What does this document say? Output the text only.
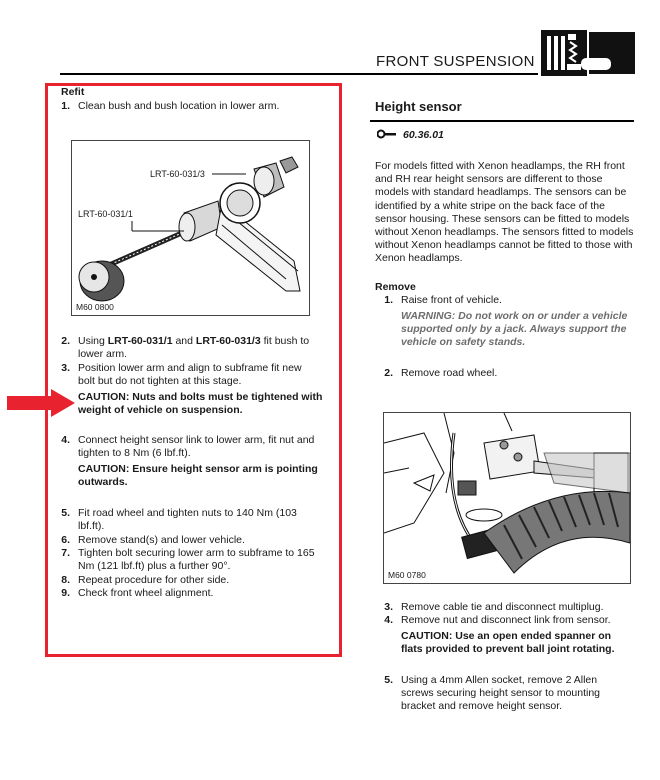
FRONT SUSPENSION
Refit
1. Clean bush and bush location in lower arm.
LRT-60-031/3
LRT-60-031/1
M60 0800
2. Using LRT-60-031/1 and LRT-60-031/3 fit bush to lower arm.
3. Position lower arm and align to subframe fit new bolt but do not tighten at this stage.
CAUTION: Nuts and bolts must be tightened with weight of vehicle on suspension.
4. Connect height sensor link to lower arm, fit nut and tighten to 8 Nm (6 lbf.ft).
CAUTION: Ensure height sensor arm is pointing outwards.
5. Fit road wheel and tighten nuts to 140 Nm (103 lbf.ft).
6. Remove stand(s) and lower vehicle.
7. Tighten bolt securing lower arm to subframe to 165 Nm (121 lbf.ft) plus a further 90°.
8. Repeat procedure for other side.
9. Check front wheel alignment.
Height sensor
60.36.01
For models fitted with Xenon headlamps, the RH front and RH rear height sensors are different to those models with standard headlamps. The sensors can be identified by a white stripe on the back face of the sensor housing. These sensors can be fitted to models without Xenon headlamps. The sensors fitted to models without Xenon headlamps cannot be fitted to those with Xenon headlamps.
Remove
1. Raise front of vehicle.
WARNING: Do not work on or under a vehicle supported only by a jack. Always support the vehicle on safety stands.
2. Remove road wheel.
M60 0780
3. Remove cable tie and disconnect multiplug.
4. Remove nut and disconnect link from sensor.
CAUTION: Use an open ended spanner on flats provided to prevent ball joint rotating.
5. Using a 4mm Allen socket, remove 2 Allen screws securing height sensor to mounting bracket and remove height sensor.
